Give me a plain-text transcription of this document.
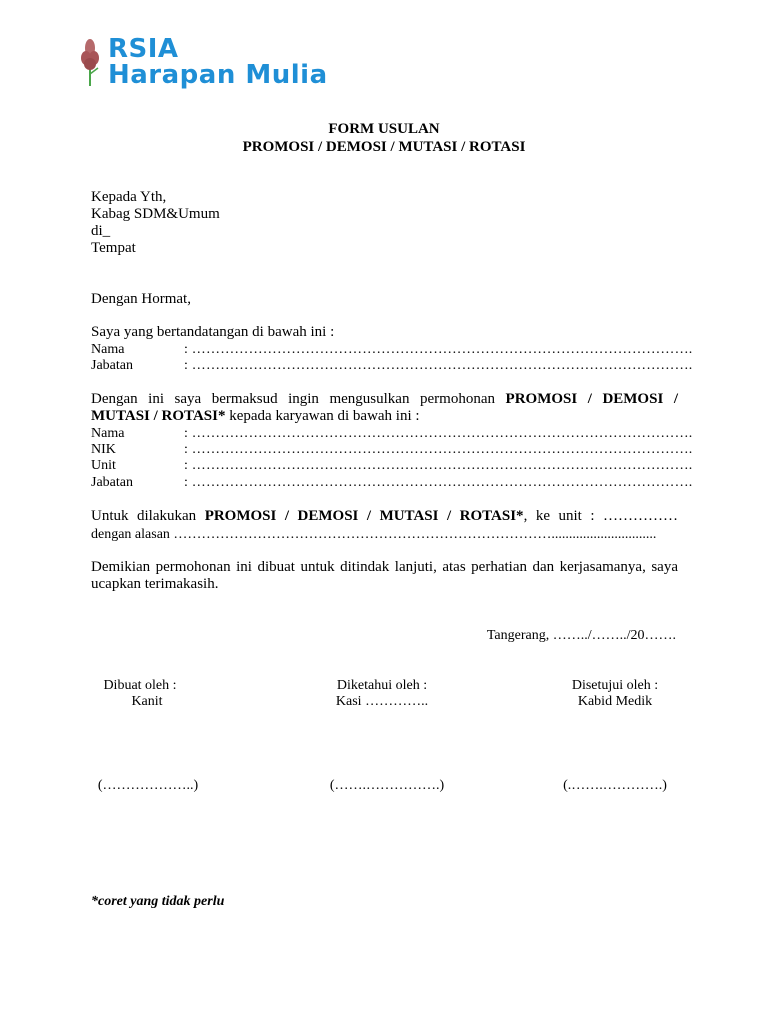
RSIA
Harapan Mulia
FORM USULAN
PROMOSI / DEMOSI / MUTASI / ROTASI
Kepada Yth,
Kabag SDM&Umum
di_
Tempat
Dengan Hormat,
Saya yang bertandatangan di bawah ini :
Nama	: …………………………………………………………………………………………….
Jabatan	: …………………………………………………………………………………………….
Dengan ini saya bermaksud ingin mengusulkan permohonan PROMOSI / DEMOSI /
MUTASI / ROTASI* kepada karyawan di bawah ini :
Nama	: …………………………………………………………………………………………….
NIK	: …………………………………………………………………………………………….
Unit	: …………………………………………………………………………………………….
Jabatan	: …………………………………………………………………………………………….
Untuk dilakukan PROMOSI / DEMOSI / MUTASI / ROTASI*, ke unit : ……………
dengan alasan ………………………………………………………………………..............................
Demikian permohonan ini dibuat untuk ditindak lanjuti, atas perhatian dan kerjasamanya, saya
ucapkan terimakasih.
Tangerang, ……../……../20…….
Dibuat oleh :
Kanit
(………………..)
Diketahui oleh :
Kasi …………..
(…….…………….)
Disetujui oleh :
Kabid Medik
(.…….………….)
*coret yang tidak perlu
